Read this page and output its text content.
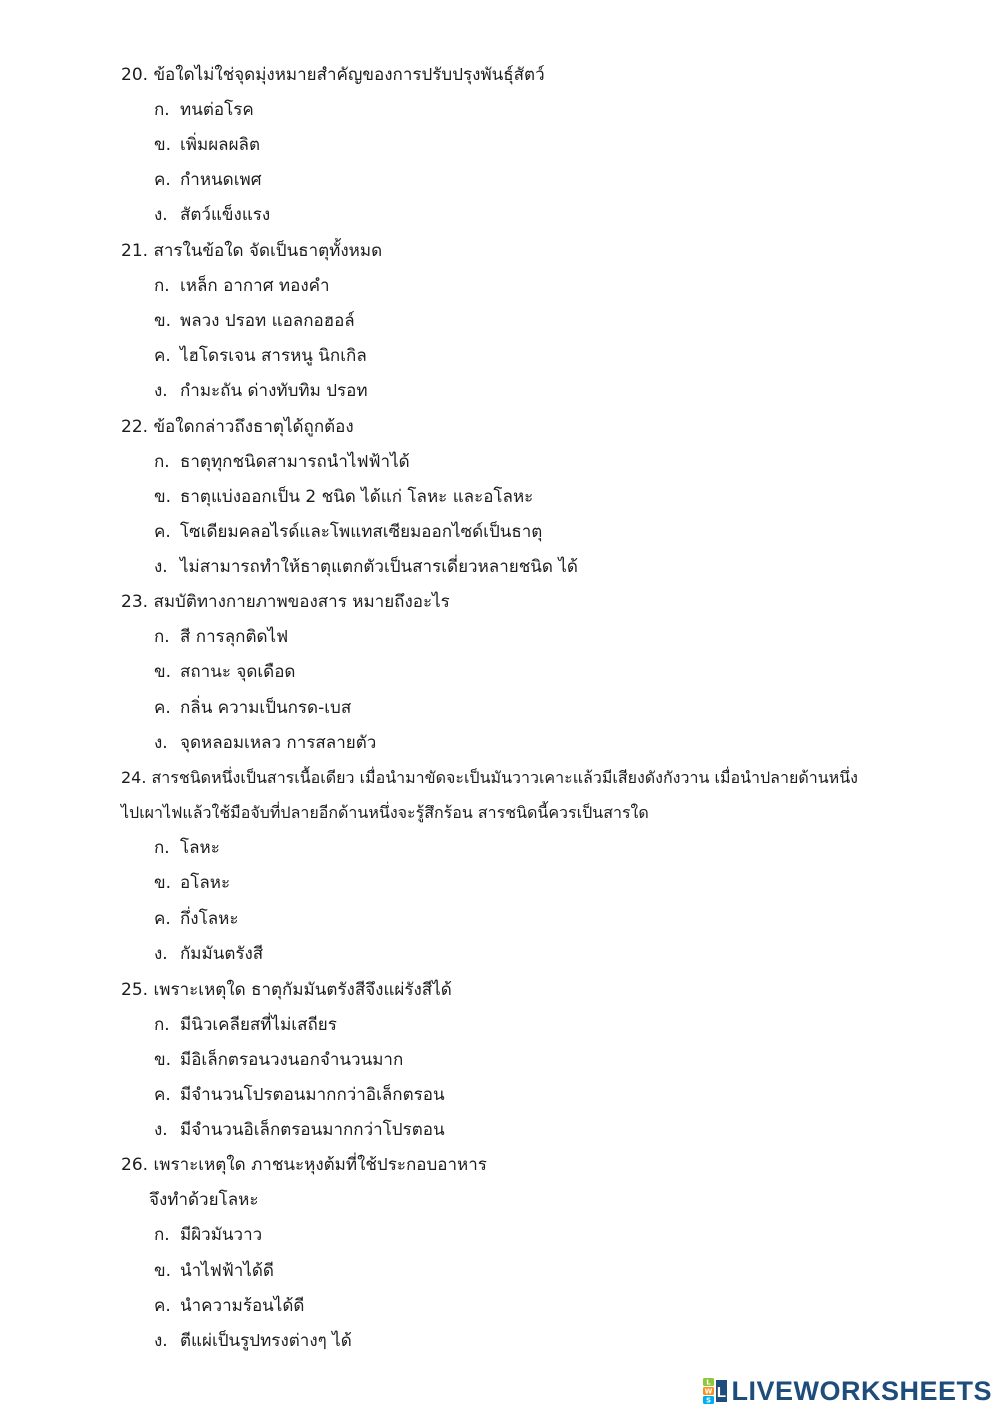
20. ข้อใดไม่ใช่จุดมุ่งหมายสำคัญของการปรับปรุงพันธุ์สัตว์
ก. ทนต่อโรค
ข. เพิ่มผลผลิต
ค. กำหนดเพศ
ง. สัตว์แข็งแรง
21. สารในข้อใด จัดเป็นธาตุทั้งหมด
ก. เหล็ก อากาศ ทองคำ
ข. พลวง ปรอท แอลกอฮอล์
ค. ไฮโดรเจน สารหนู นิกเกิล
ง. กำมะถัน ด่างทับทิม ปรอท
22. ข้อใดกล่าวถึงธาตุได้ถูกต้อง
ก. ธาตุทุกชนิดสามารถนำไฟฟ้าได้
ข. ธาตุแบ่งออกเป็น 2 ชนิด ได้แก่ โลหะ และอโลหะ
ค. โซเดียมคลอไรด์และโพแทสเซียมออกไซด์เป็นธาตุ
ง. ไม่สามารถทำให้ธาตุแตกตัวเป็นสารเดี่ยวหลายชนิด ได้
23. สมบัติทางกายภาพของสาร หมายถึงอะไร
ก. สี การลุกติดไฟ
ข. สถานะ จุดเดือด
ค. กลิ่น ความเป็นกรด-เบส
ง. จุดหลอมเหลว การสลายตัว
24. สารชนิดหนึ่งเป็นสารเนื้อเดียว เมื่อนำมาขัดจะเป็นมันวาวเคาะแล้วมีเสียงดังกังวาน เมื่อนำปลายด้านหนึ่ง
ไปเผาไฟแล้วใช้มือจับที่ปลายอีกด้านหนึ่งจะรู้สึกร้อน สารชนิดนี้ควรเป็นสารใด
ก. โลหะ
ข. อโลหะ
ค. กึ่งโลหะ
ง. กัมมันตรังสี
25. เพราะเหตุใด ธาตุกัมมันตรังสีจึงแผ่รังสีได้
ก. มีนิวเคลียสที่ไม่เสถียร
ข. มีอิเล็กตรอนวงนอกจำนวนมาก
ค. มีจำนวนโปรตอนมากกว่าอิเล็กตรอน
ง. มีจำนวนอิเล็กตรอนมากกว่าโปรตอน
26. เพราะเหตุใด ภาชนะหุงต้มที่ใช้ประกอบอาหาร
จึงทำด้วยโลหะ
ก. มีผิวมันวาว
ข. นำไฟฟ้าได้ดี
ค. นำความร้อนได้ดี
ง. ตีแผ่เป็นรูปทรงต่างๆ ได้
L
W
S L LIVEWORKSHEETS
